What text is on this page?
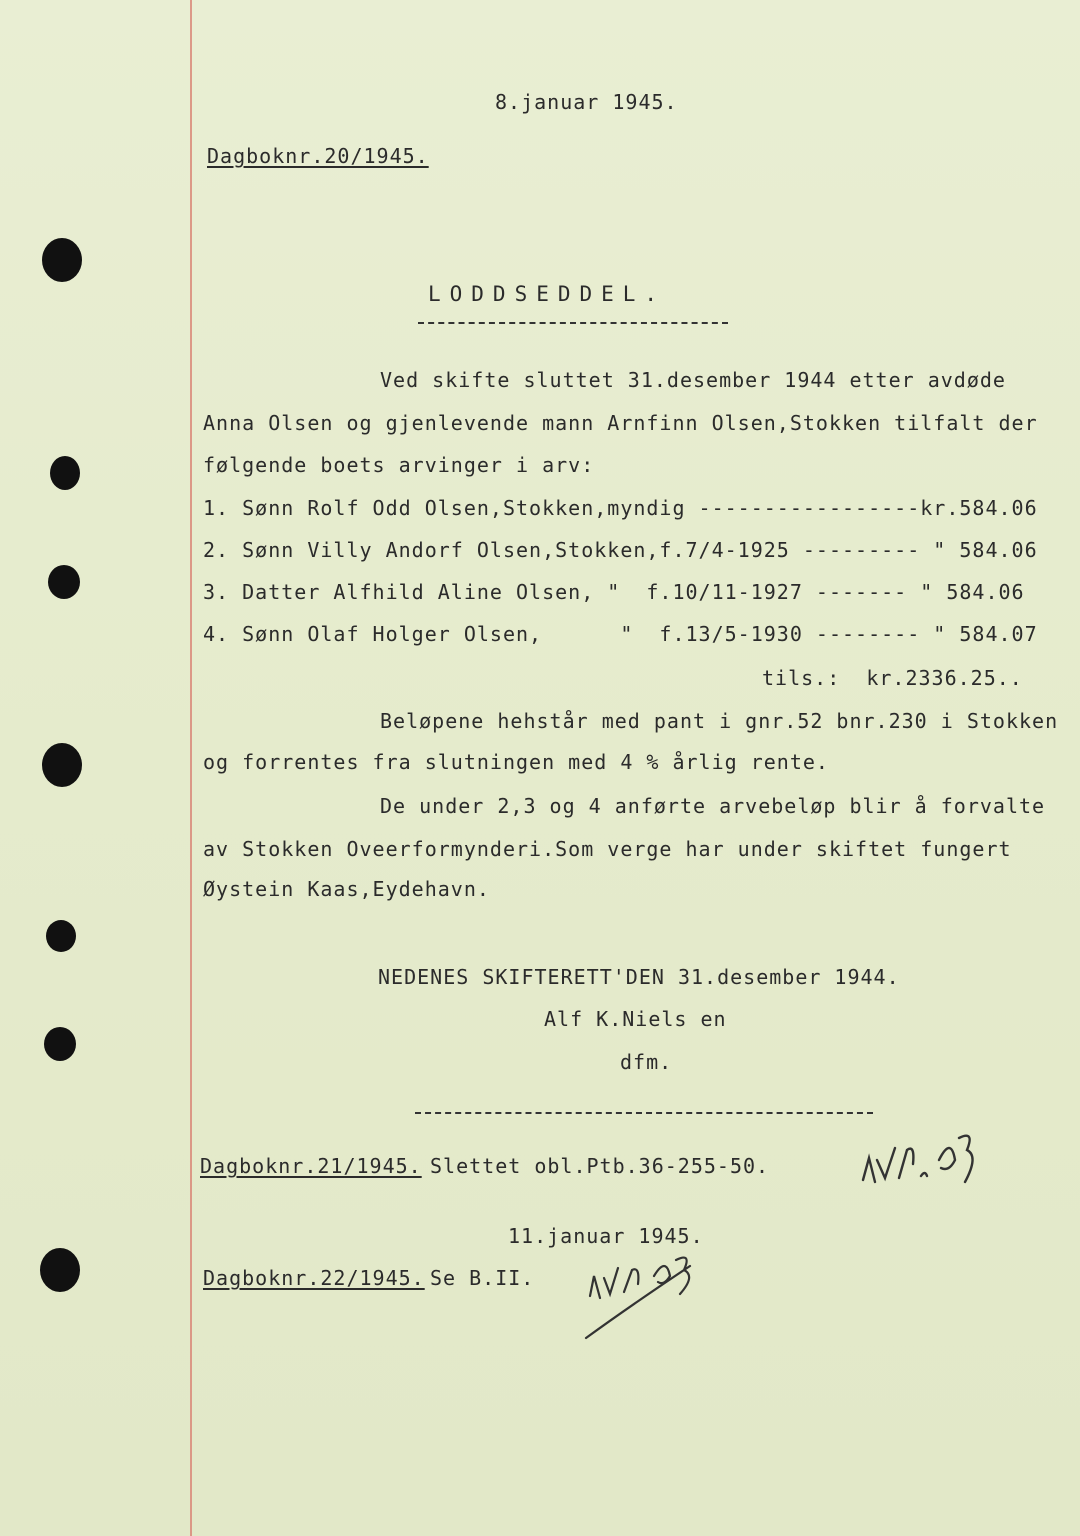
8.januar 1945.
Dagboknr.20/1945.
LODDSEDDEL.
Ved skifte sluttet 31.desember 1944 etter avdøde
Anna Olsen og gjenlevende mann Arnfinn Olsen,Stokken tilfalt der
følgende boets arvinger i arv:
1. Sønn Rolf Odd Olsen,Stokken,myndig -----------------kr.584.06
2. Sønn Villy Andorf Olsen,Stokken,f.7/4-1925 --------- " 584.06
3. Datter Alfhild Aline Olsen, "  f.10/11-1927 ------- " 584.06
4. Sønn Olaf Holger Olsen,      "  f.13/5-1930 -------- " 584.07
tils.:  kr.2336.25..
Beløpene hehstår med pant i gnr.52 bnr.230 i Stokken
og forrentes fra slutningen med 4 % årlig rente.
De under 2,3 og 4 anførte arvebeløp blir å forvalte
av Stokken Oveerformynderi.Som verge har under skiftet fungert
Øystein Kaas,Eydehavn.
NEDENES SKIFTERETT'DEN 31.desember 1944.
Alf K.Niels en
dfm.
Dagboknr.21/1945. Slettet obl.Ptb.36-255-50.
11.januar 1945.
Dagboknr.22/1945. Se B.II.
